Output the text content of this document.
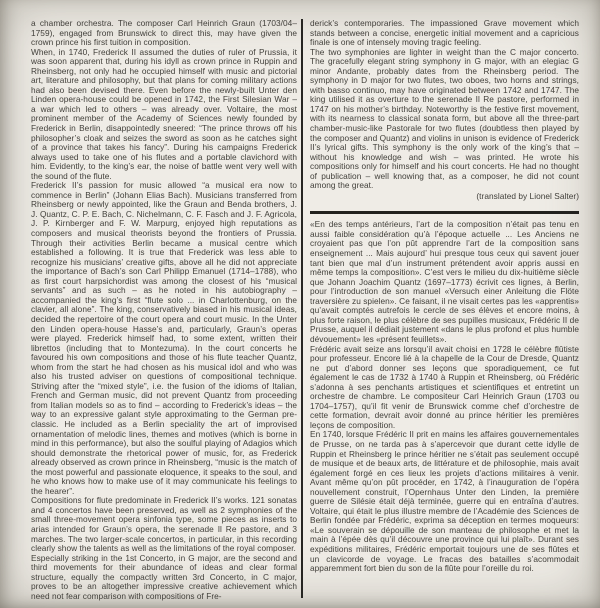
a chamber orchestra. The composer Carl Heinrich Graun (1703/04–1759), engaged from Brunswick to direct this, may have given the crown prince his first tuition in composition.

When, in 1740, Frederick II assumed the duties of ruler of Prussia, it was soon apparent that, during his idyll as crown prince in Ruppin and Rheinsberg, not only had he occupied himself with music and pictorial art, literature and philosophy, but that plans for coming military actions had also been devised there. Even before the newly-built Unter den Linden opera-house could be opened in 1742, the First Silesian War – a war which led to others – was already over. Voltaire, the most prominent member of the Academy of Sciences newly founded by Frederick in Berlin, disappointedly sneered: “The prince throws off his philosopher’s cloak and seizes the sword as soon as he catches sight of a province that takes his fancy”. During his campaigns Frederick always used to take one of his flutes and a portable clavichord with him. Evidently, to the king’s ear, the noise of battle went very well with the sound of the flute.

Frederick II’s passion for music allowed “a musical era now to commence in Berlin” (Johann Elias Bach). Musicians transferred from Rheinsberg or newly appointed, like the Graun and Benda brothers, J. J. Quantz, C. P. E. Bach, C. Nichelmann, C. F. Fasch and J. F. Agricola, J. P. Kirnberger and F. W. Marpurg, enjoyed high reputations as composers and musical theorists beyond the frontiers of Prussia. Through their activities Berlin became a musical centre which established a following. It is true that Frederick was less able to recognize his musicians’ creative gifts, above all he did not appreciate the importance of Bach’s son Carl Philipp Emanuel (1714–1788), who as first court harpsichordist was among the closest of his “musical servants” and as such – as he noted in his autobiography – accompanied the king’s first “flute solo ... in Charlottenburg, on the clavier, all alone”. The king, conservatively biased in his musical ideas, decided the repertoire of the court opera and court music. In the Unter den Linden opera-house Hasse’s and, particularly, Graun’s operas were played. Frederick himself had, to some extent, written their librettos (including that to Montezuma). In the court concerts he favoured his own compositions and those of his flute teacher Quantz, whom from the start he had chosen as his musical idol and who was also his trusted adviser on questions of compositional technique. Striving after the “mixed style”, i.e. the fusion of the idioms of Italian, French and German music, did not prevent Quantz from proceeding from Italian models so as to find – according to Frederick’s ideas – the way to an expressive galant style approximating to the German pre-classic. He included as a Berlin speciality the art of improvised ornamentation of melodic lines, themes and motives (which is borne in mind in this performance), but also the soulful playing of Adagios which should demonstrate the rhetorical power of music, for, as Frederick already observed as crown prince in Rheinsberg, “music is the match of the most powerful and passionate eloquence, it speaks to the soul, and he who knows how to make use of it may communicate his feelings to the hearer”.

Compositions for flute predominate in Frederick II’s works. 121 sonatas and 4 concertos have been preserved, as well as 2 symphonies of the small three-movement opera sinfonia type, some pieces as inserts to arias intended for Graun’s opera, the serenade Il Re pastore, and 3 marches. The two larger-scale concertos, in particular, in this recording clearly show the talents as well as the limitations of the royal composer.

Especially striking in the 1st Concerto, in G major, are the second and third movements for their abundance of ideas and clear formal structure, equally the compactly written 3rd Concerto, in C major, proves to be an altogether impressive creative achievement which need not fear comparison with compositions of Fre-

derick’s contemporaries. The impassioned Grave movement which stands between a concise, energetic initial movement and a capricious finale is one of intensely moving tragic feeling.

The two symphonies are lighter in weight than the C major concerto. The gracefully elegant string symphony in G major, with an elegiac G minor Andante, probably dates from the Rheinsberg period. The symphony in D major for two flutes, two oboes, two horns and strings, with basso continuo, may have originated between 1742 and 1747. The king utilised it as overture to the serenade Il Re pastore, performed in 1747 on his mother’s birthday. Noteworthy is the festive first movement, with its nearness to classical sonata form, but above all the three-part chamber-music-like Pastorale for two flutes (doubtless then played by the composer and Quantz) and violins in unison is evidence of Frederick II’s lyrical gifts. This symphony is the only work of the king’s that – without his knowledge and wish – was printed. He wrote his compositions only for himself and his court concerts. He had no thought of publication – well knowing that, as a composer, he did not count among the great.

(translated by Lionel Salter)

«En des temps antérieurs, l’art de la composition n’était pas tenu en aussi faible considération qu’à l’époque actuelle ... Les Anciens ne croyaient pas que l’on pût apprendre l’art de la composition sans enseignement ... Mais aujourd’ hui presque tous ceux qui savent jouer tant bien que mal d’un instrument prétendent avoir appris aussi en même temps la composition». C’est vers le milieu du dix-huitième siècle que Johann Joachim Quantz (1697–1773) écrivit ces lignes, à Berlin, pour l’introduction de son manuel «Versuch einer Anleitung die Flöte traversière zu spielen». Ce faisant, il ne visait certes pas les «apprentis» qu’avait comptés autrefois le cercle de ses élèves et encore moins, à plus forte raison, le plus célèbre de ses pupilles musicaux, Frédéric II de Prusse, auquel il dédiait justement «dans le plus profond et plus humble dévouement» les «présent feuillets».

Frédéric avait seize ans lorsqu’il avait choisi en 1728 le célèbre flûtiste pour professeur. Encore lié à la chapelle de la Cour de Dresde, Quantz ne put d’abord donner ses leçons que sporadiquement, ce fut également le cas de 1732 à 1740 à Ruppin et Rheinsberg, où Frédéric s’adonna à ses penchants artistiques et scientifiques et entretint un orchestre de chambre. Le compositeur Carl Heinrich Graun (1703 ou 1704–1757), qu’il fit venir de Brunswick comme chef d’orchestre de cette formation, devrait avoir donné au prince héritier les premières leçons de composition.

En 1740, lorsque Frédéric II prit en mains les affaires gouvernementales de Prusse, on ne tarda pas à s’apercevoir que durant cette idylle de Ruppin et Rheinsberg le prince héritier ne s’était pas seulement occupé de musique et de beaux arts, de littérature et de philosophie, mais avait également forgé en ces lieux les projets d’actions militaires à venir. Avant même qu’on pût procéder, en 1742, à l’inauguration de l’opéra nouvellement construit, l’Opernhaus Unter den Linden, la première guerre de Silésie était déjà terminée, guerre qui en entraîna d’autres. Voltaire, qui était le plus illustre membre de l’Académie des Sciences de Berlin fondée par Frédéric, exprima sa déception en termes moqueurs: «Le souverain se dépouille de son manteau de philosophe et met la main à l’épée dès qu’il découvre une province qui lui plaît». Durant ses expéditions militaires, Frédéric emportait toujours une de ses flûtes et un clavicorde de voyage. Le fracas des batailles s’acommodait apparemment fort bien du son de la flûte pour l’oreille du roi.
